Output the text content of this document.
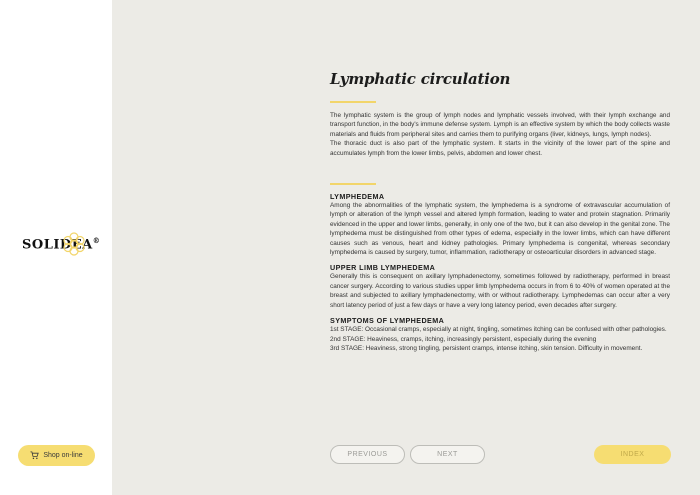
SOLIDEA®
Shop on-line
Lymphatic circulation

The lymphatic system is the group of lymph nodes and lymphatic vessels involved, with their lymph exchange and transport function, in the body's immune defense system. Lymph is an effective system by which the body collects waste materials and fluids from peripheral sites and carries them to purifying organs (liver, kidneys, lungs, lymph nodes).

The thoracic duct is also part of the lymphatic system. It starts in the vicinity of the lower part of the spine and accumulates lymph from the lower limbs, pelvis, abdomen and lower chest.

LYMPHEDEMA

Among the abnormalities of the lymphatic system, the lymphedema is a syndrome of extravascular accumulation of lymph or alteration of the lymph vessel and altered lymph formation, leading to water and protein stagnation. Primarily evidenced in the upper and lower limbs, generally, in only one of the two, but it can also develop in the genital zone. The lymphedema must be distinguished from other types of edema, especially in the lower limbs, which can have different causes such as venous, heart and kidney pathologies. Primary lymphedema is congenital, whereas secondary lymphedema is caused by surgery, tumor, inflammation, radiotherapy or osteoarticular disorders in advanced stage.

UPPER LIMB LYMPHEDEMA

Generally this is consequent on axillary lymphadenectomy, sometimes followed by radiotherapy, performed in breast cancer surgery. According to various studies upper limb lymphedema occurs in from 6 to 40% of women operated at the breast and subjected to axillary lymphadenectomy, with or without radiotherapy. Lymphedemas can occur after a very short latency period of just a few days or have a very long latency period, even decades after surgery.

SYMPTOMS OF LYMPHEDEMA

1st STAGE: Occasional cramps, especially at night, tingling, sometimes itching can be confused with other pathologies.

2nd STAGE: Heaviness, cramps, itching, increasingly persistent, especially during the evening

3rd STAGE: Heaviness, strong tingling, persistent cramps, intense itching, skin tension. Difficulty in movement.

PREVIOUS	NEXT	INDEX
